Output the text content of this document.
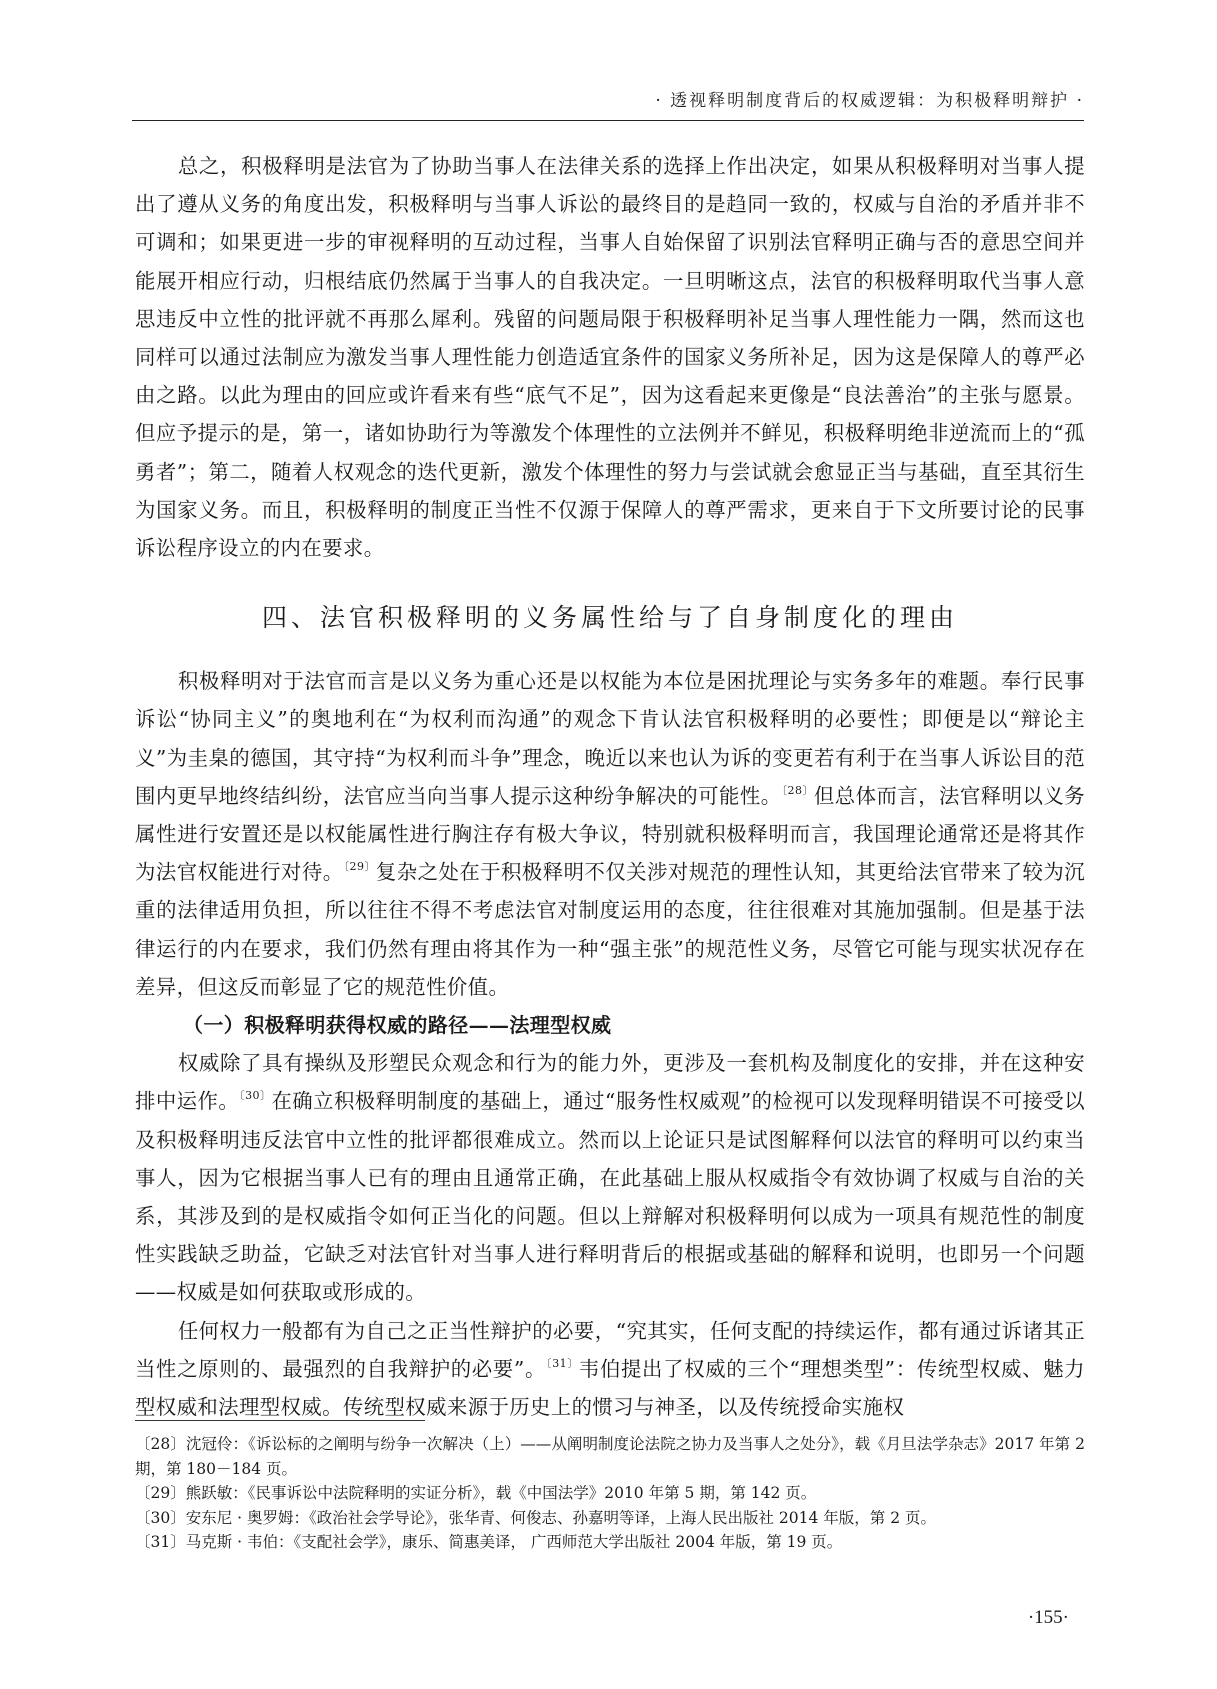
· 透视释明制度背后的权威逻辑：为积极释明辩护 ·

总之，积极释明是法官为了协助当事人在法律关系的选择上作出决定，如果从积极释明对当事人提出了遵从义务的角度出发，积极释明与当事人诉讼的最终目的是趋同一致的，权威与自治的矛盾并非不可调和；如果更进一步的审视释明的互动过程，当事人自始保留了识别法官释明正确与否的意思空间并能展开相应行动，归根结底仍然属于当事人的自我决定。一旦明晰这点，法官的积极释明取代当事人意思违反中立性的批评就不再那么犀利。残留的问题局限于积极释明补足当事人理性能力一隅，然而这也同样可以通过法制应为激发当事人理性能力创造适宜条件的国家义务所补足，因为这是保障人的尊严必由之路。以此为理由的回应或许看来有些“底气不足”，因为这看起来更像是“良法善治”的主张与愿景。但应予提示的是，第一，诸如协助行为等激发个体理性的立法例并不鲜见，积极释明绝非逆流而上的“孤勇者”；第二，随着人权观念的迭代更新，激发个体理性的努力与尝试就会愈显正当与基础，直至其衍生为国家义务。而且，积极释明的制度正当性不仅源于保障人的尊严需求，更来自于下文所要讨论的民事诉讼程序设立的内在要求。

四、法官积极释明的义务属性给与了自身制度化的理由

积极释明对于法官而言是以义务为重心还是以权能为本位是困扰理论与实务多年的难题。奉行民事诉讼“协同主义”的奥地利在“为权利而沟通”的观念下肯认法官积极释明的必要性；即便是以“辩论主义”为圭臬的德国，其守持“为权利而斗争”理念，晚近以来也认为诉的变更若有利于在当事人诉讼目的范围内更早地终结纠纷，法官应当向当事人提示这种纷争解决的可能性。$^{〔28〕}$但总体而言，法官释明以义务属性进行安置还是以权能属性进行胸注存有极大争议，特别就积极释明而言，我国理论通常还是将其作为法官权能进行对待。$^{〔29〕}$复杂之处在于积极释明不仅关涉对规范的理性认知，其更给法官带来了较为沉重的法律适用负担，所以往往不得不考虑法官对制度运用的态度，往往很难对其施加强制。但是基于法律运行的内在要求，我们仍然有理由将其作为一种“强主张”的规范性义务，尽管它可能与现实状况存在差异，但这反而彰显了它的规范性价值。

（一）积极释明获得权威的路径——法理型权威

权威除了具有操纵及形塑民众观念和行为的能力外，更涉及一套机构及制度化的安排，并在这种安排中运作。$^{〔30〕}$在确立积极释明制度的基础上，通过“服务性权威观”的检视可以发现释明错误不可接受以及积极释明违反法官中立性的批评都很难成立。然而以上论证只是试图解释何以法官的释明可以约束当事人，因为它根据当事人已有的理由且通常正确，在此基础上服从权威指令有效协调了权威与自治的关系，其涉及到的是权威指令如何正当化的问题。但以上辩解对积极释明何以成为一项具有规范性的制度性实践缺乏助益，它缺乏对法官针对当事人进行释明背后的根据或基础的解释和说明，也即另一个问题——权威是如何获取或形成的。

任何权力一般都有为自己之正当性辩护的必要，“究其实，任何支配的持续运作，都有通过诉诸其正当性之原则的、最强烈的自我辩护的必要”。$^{〔31〕}$韦伯提出了权威的三个“理想类型”：传统型权威、魅力型权威和法理型权威。传统型权威来源于历史上的惯习与神圣，以及传统授命实施权

〔28〕沈冠伶：《诉讼标的之阐明与纷争一次解决（上）——从阐明制度论法院之协力及当事人之处分》，载《月旦法学杂志》2017 年第 2 期，第 180－184 页。

〔29〕熊跃敏：《民事诉讼中法院释明的实证分析》，载《中国法学》2010 年第 5 期，第 142 页。

〔30〕安东尼 · 奥罗姆：《政治社会学导论》，张华青、何俊志、孙嘉明等译，上海人民出版社 2014 年版，第 2 页。

〔31〕马克斯 · 韦伯：《支配社会学》，康乐、简惠美译， 广西师范大学出版社 2004 年版，第 19 页。

·155·
